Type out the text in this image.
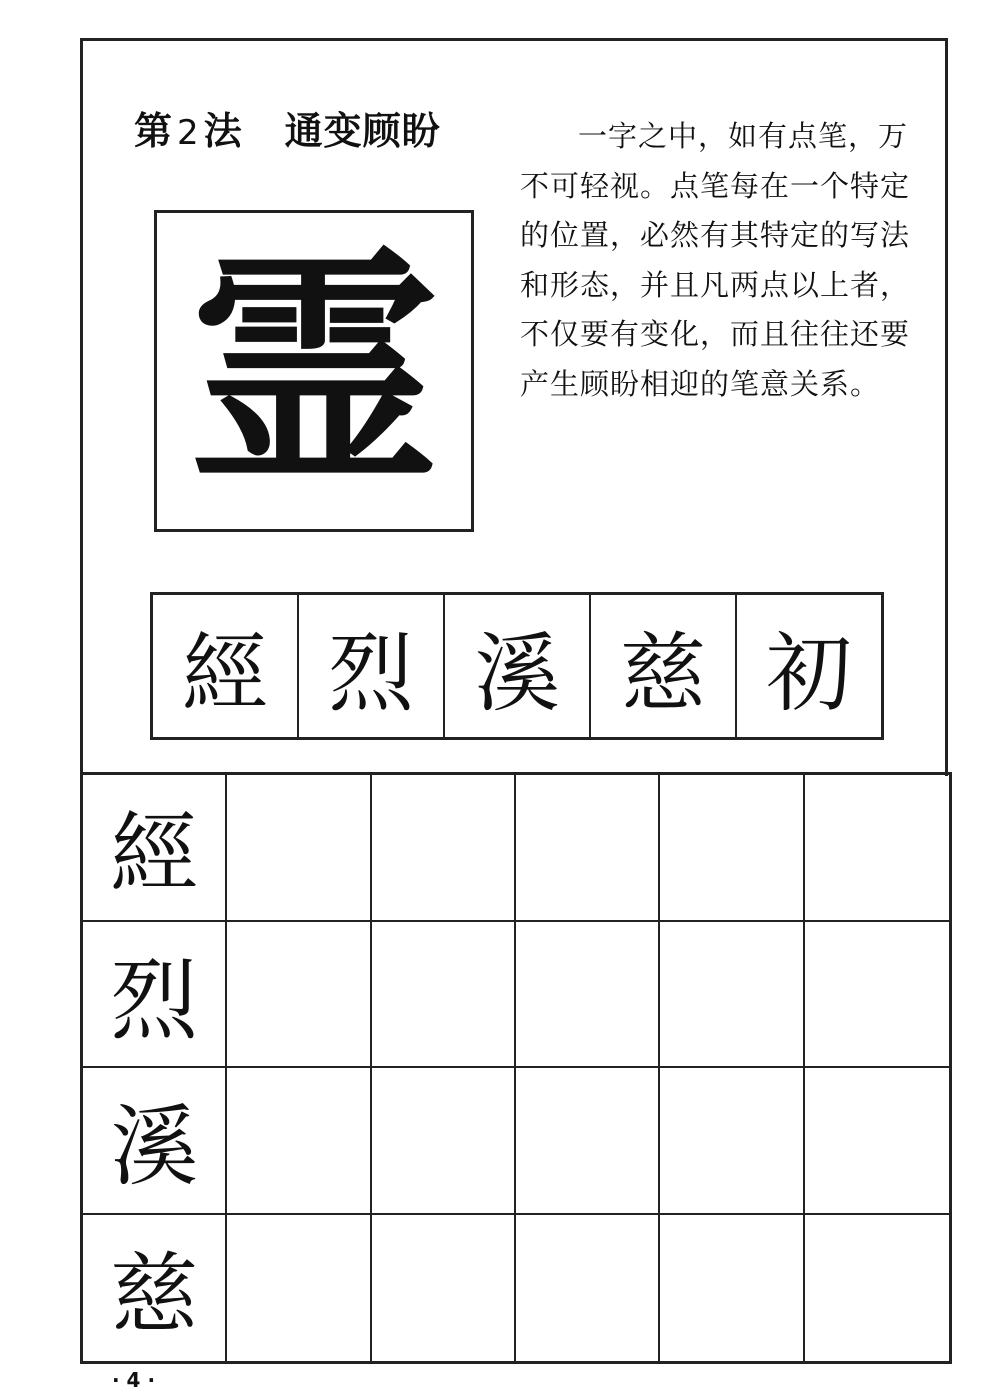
第 2 法 通变顾盼	一字之中，如有点笔，万不可轻视。点笔每在一个特定的位置，必然有其特定的写法和形态，并且凡两点以上者，不仅要有变化，而且往往还要产生顾盼相迎的笔意关系。

霊
經 烈 溪 慈 初
經
烈
溪
慈
· 4 ·
